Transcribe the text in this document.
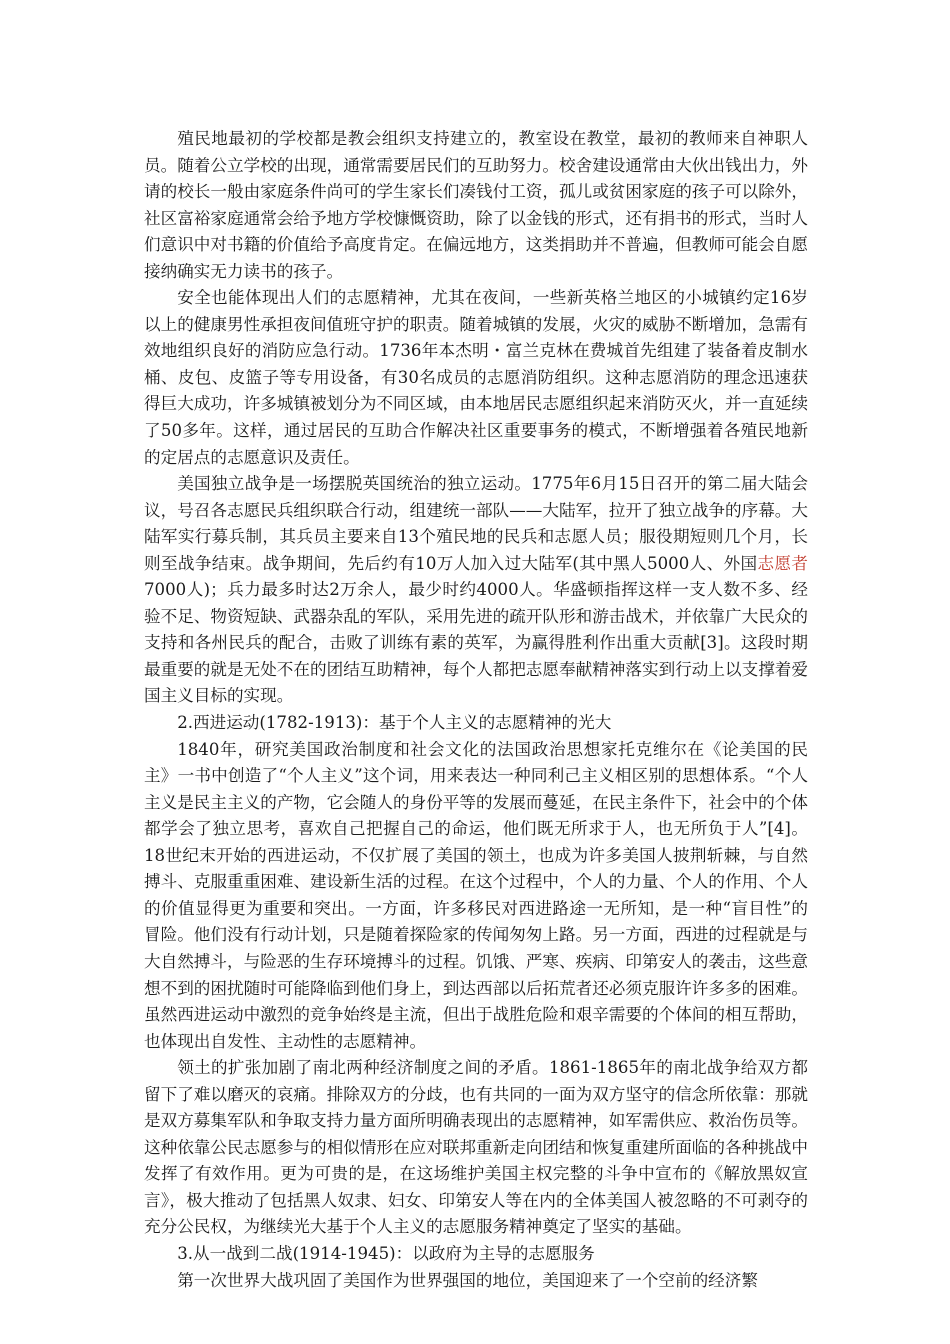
殖民地最初的学校都是教会组织支持建立的，教室设在教堂，最初的教师来自神职人员。随着公立学校的出现，通常需要居民们的互助努力。校舍建设通常由大伙出钱出力，外请的校长一般由家庭条件尚可的学生家长们凑钱付工资，孤儿或贫困家庭的孩子可以除外，社区富裕家庭通常会给予地方学校慷慨资助，除了以金钱的形式，还有捐书的形式，当时人们意识中对书籍的价值给予高度肯定。在偏远地方，这类捐助并不普遍，但教师可能会自愿接纳确实无力读书的孩子。

安全也能体现出人们的志愿精神，尤其在夜间，一些新英格兰地区的小城镇约定16岁以上的健康男性承担夜间值班守护的职责。随着城镇的发展，火灾的威胁不断增加，急需有效地组织良好的消防应急行动。1736年本杰明・富兰克林在费城首先组建了装备着皮制水桶、皮包、皮篮子等专用设备，有30名成员的志愿消防组织。这种志愿消防的理念迅速获得巨大成功，许多城镇被划分为不同区域，由本地居民志愿组织起来消防灭火，并一直延续了50多年。这样，通过居民的互助合作解决社区重要事务的模式，不断增强着各殖民地新的定居点的志愿意识及责任。

美国独立战争是一场摆脱英国统治的独立运动。1775年6月15日召开的第二届大陆会议，号召各志愿民兵组织联合行动，组建统一部队——大陆军，拉开了独立战争的序幕。大陆军实行募兵制，其兵员主要来自13个殖民地的民兵和志愿人员；服役期短则几个月，长则至战争结束。战争期间，先后约有10万人加入过大陆军(其中黑人5000人、外国志愿者7000人)；兵力最多时达2万余人，最少时约4000人。华盛顿指挥这样一支人数不多、经验不足、物资短缺、武器杂乱的军队，采用先进的疏开队形和游击战术，并依靠广大民众的支持和各州民兵的配合，击败了训练有素的英军，为赢得胜利作出重大贡献[3]。这段时期最重要的就是无处不在的团结互助精神，每个人都把志愿奉献精神落实到行动上以支撑着爱国主义目标的实现。

2.西进运动(1782-1913)：基于个人主义的志愿精神的光大

1840年，研究美国政治制度和社会文化的法国政治思想家托克维尔在《论美国的民主》一书中创造了“个人主义”这个词，用来表达一种同利己主义相区别的思想体系。“个人主义是民主主义的产物，它会随人的身份平等的发展而蔓延，在民主条件下，社会中的个体都学会了独立思考，喜欢自己把握自己的命运，他们既无所求于人，也无所负于人”[4]。18世纪末开始的西进运动，不仅扩展了美国的领土，也成为许多美国人披荆斩棘，与自然搏斗、克服重重困难、建设新生活的过程。在这个过程中，个人的力量、个人的作用、个人的价值显得更为重要和突出。一方面，许多移民对西进路途一无所知，是一种“盲目性”的冒险。他们没有行动计划，只是随着探险家的传闻匆匆上路。另一方面，西进的过程就是与大自然搏斗，与险恶的生存环境搏斗的过程。饥饿、严寒、疾病、印第安人的袭击，这些意想不到的困扰随时可能降临到他们身上，到达西部以后拓荒者还必须克服许许多多的困难。虽然西进运动中激烈的竞争始终是主流，但出于战胜危险和艰辛需要的个体间的相互帮助，也体现出自发性、主动性的志愿精神。

领土的扩张加剧了南北两种经济制度之间的矛盾。1861-1865年的南北战争给双方都留下了难以磨灭的哀痛。排除双方的分歧，也有共同的一面为双方坚守的信念所依靠：那就是双方募集军队和争取支持力量方面所明确表现出的志愿精神，如军需供应、救治伤员等。这种依靠公民志愿参与的相似情形在应对联邦重新走向团结和恢复重建所面临的各种挑战中发挥了有效作用。更为可贵的是，在这场维护美国主权完整的斗争中宣布的《解放黑奴宣言》，极大推动了包括黑人奴隶、妇女、印第安人等在内的全体美国人被忽略的不可剥夺的充分公民权，为继续光大基于个人主义的志愿服务精神奠定了坚实的基础。

3.从一战到二战(1914-1945)：以政府为主导的志愿服务

第一次世界大战巩固了美国作为世界强国的地位，美国迎来了一个空前的经济繁
